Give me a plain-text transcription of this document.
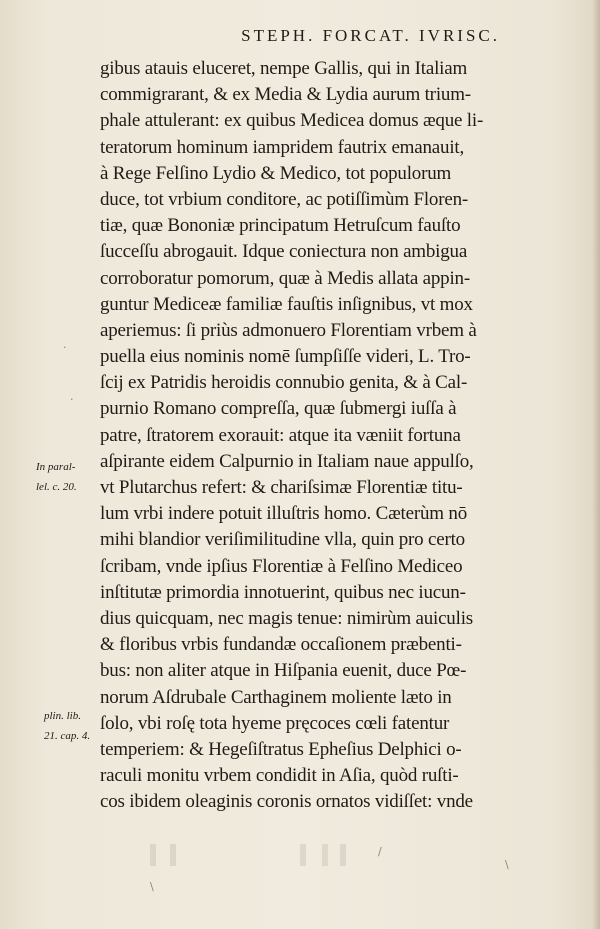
STEPH. FORCAT. IVRISC.
gibus atauis eluceret, nempe Gallis, qui in Italiam
commigrarant, & ex Media & Lydia aurum trium-
phale attulerant: ex quibus Medicea domus æque li-
teratorum hominum iampridem fautrix emanauit,
à Rege Felſino Lydio & Medico, tot populorum
duce, tot vrbium conditore, ac potiſſimùm Floren-
tiæ, quæ Bononiæ principatum Hetruſcum fauſto
ſucceſſu abrogauit. Idque coniectura non ambigua
corroboratur pomorum, quæ à Medis allata appin-
guntur Mediceæ familiæ fauſtis inſignibus, vt mox
aperiemus: ſi priùs admonuero Florentiam vrbem à
puella eius nominis nomē ſumpſiſſe videri, L. Tro-
ſcij ex Patridis heroidis connubio genita, & à Cal-
purnio Romano compreſſa, quæ ſubmergi iuſſa à
patre, ſtratorem exorauit: atque ita væniit fortuna
aſpirante eidem Calpurnio in Italiam naue appulſo,
vt Plutarchus refert: & chariſsimæ Florentiæ titu-
lum vrbi indere potuit illuſtris homo. Cæterùm nō
mihi blandior veriſimilitudine vlla, quin pro certo
ſcribam, vnde ipſius Florentiæ à Felſino Mediceo
inſtitutæ primordia innotuerint, quibus nec iucun-
dius quicquam, nec magis tenue: nimirùm auiculis
& floribus vrbis fundandæ occaſionem præbenti-
bus: non aliter atque in Hiſpania euenit, duce Pœ-
norum Aſdrubale Carthaginem moliente læto in
ſolo, vbi roſę tota hyeme pręcoces cœli fatentur
temperiem: & Hegeſiſtratus Epheſius Delphici o-
raculi monitu vrbem condidit in Aſia, quòd ruſti-
cos ibidem oleaginis coronis ornatos vidiſſet: vnde
In paral-
lel. c. 20.
plin. lib.
21. cap. 4.
.
.
\
\
/
